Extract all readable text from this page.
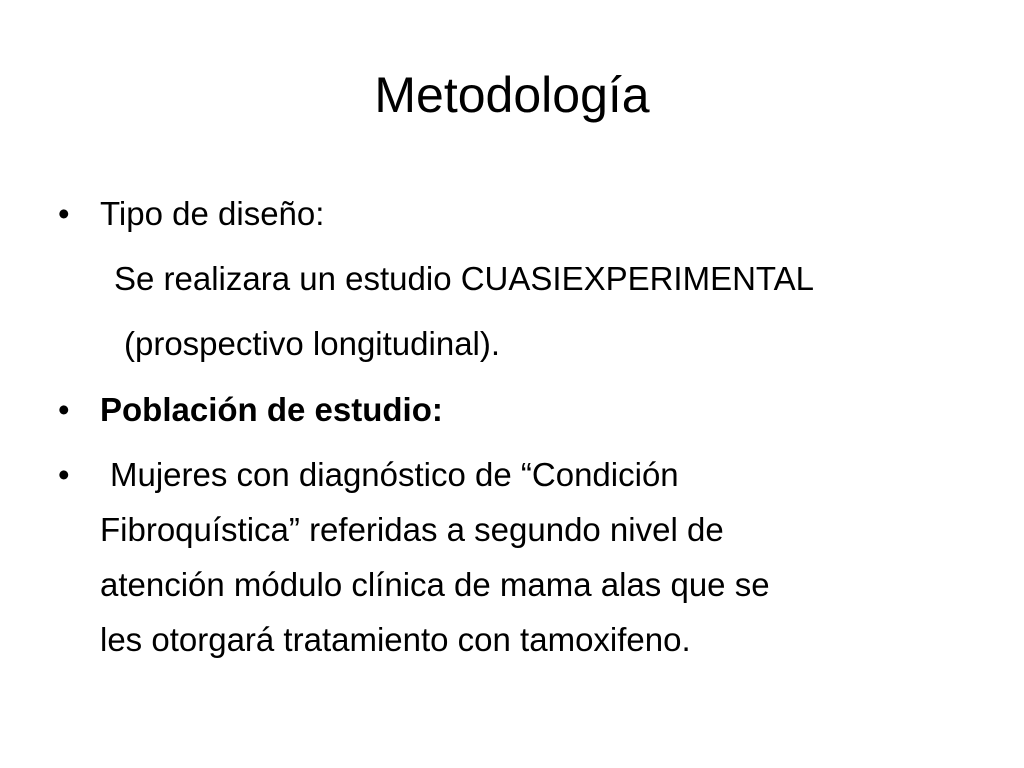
Metodología
• Tipo de diseño:
Se realizara un estudio CUASIEXPERIMENTAL
(prospectivo longitudinal).
• Población de estudio:
• Mujeres con diagnóstico de “Condición
Fibroquística” referidas a segundo nivel de
atención módulo clínica de mama alas que se
les otorgará tratamiento con tamoxifeno.
